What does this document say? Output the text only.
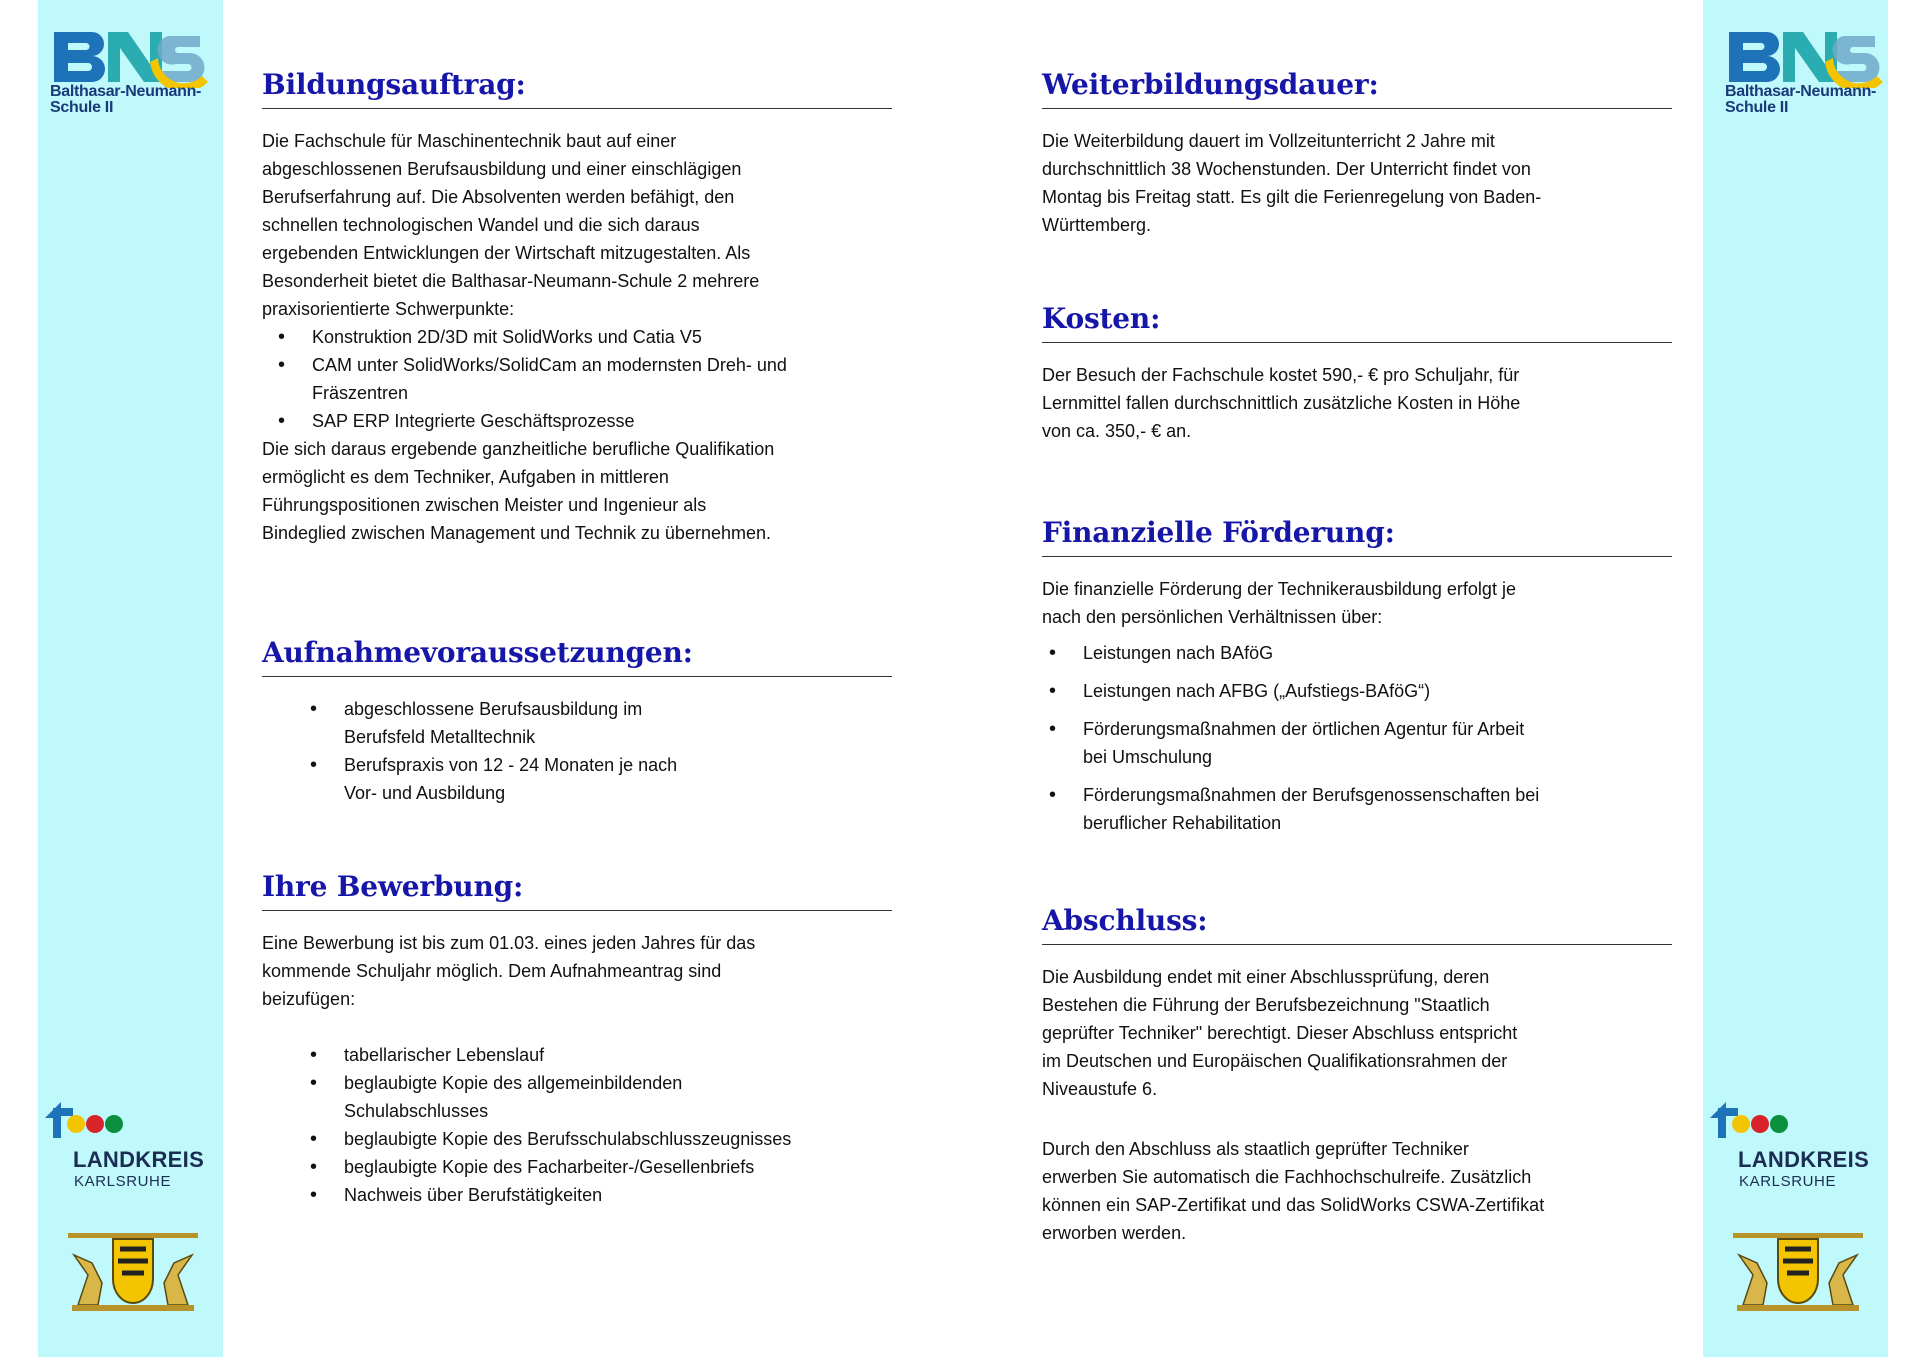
Balthasar-Neumann-
Schule II
LANDKREIS
KARLSRUHE
Balthasar-Neumann-
Schule II
LANDKREIS
KARLSRUHE
Bildungsauftrag:

Die Fachschule für Maschinentechnik baut auf einer

abgeschlossenen Berufsausbildung und einer einschlägigen

Berufserfahrung auf. Die Absolventen werden befähigt, den

schnellen technologischen Wandel und die sich daraus

ergebenden Entwicklungen der Wirtschaft mitzugestalten. Als

Besonderheit bietet die Balthasar-Neumann-Schule 2 mehrere

praxisorientierte Schwerpunkte:

• Konstruktion 2D/3D mit SolidWorks und Catia V5
• CAM unter SolidWorks/SolidCam an modernsten Dreh- und
Fräszentren
• SAP ERP Integrierte Geschäftsprozesse

Die sich daraus ergebende ganzheitliche berufliche Qualifikation

ermöglicht es dem Techniker, Aufgaben in mittleren

Führungspositionen zwischen Meister und Ingenieur als

Bindeglied zwischen Management und Technik zu übernehmen.

Aufnahmevoraussetzungen:
• abgeschlossene Berufsausbildung im
Berufsfeld Metalltechnik
• Berufspraxis von 12 - 24 Monaten je nach
Vor- und Ausbildung
Ihre Bewerbung:

Eine Bewerbung ist bis zum 01.03. eines jeden Jahres für das

kommende Schuljahr möglich. Dem Aufnahmeantrag sind

beizufügen:

• tabellarischer Lebenslauf
• beglaubigte Kopie des allgemeinbildenden
Schulabschlusses
• beglaubigte Kopie des Berufsschulabschlusszeugnisses
• beglaubigte Kopie des Facharbeiter-/Gesellenbriefs
• Nachweis über Berufstätigkeiten
Weiterbildungsdauer:

Die Weiterbildung dauert im Vollzeitunterricht 2 Jahre mit

durchschnittlich 38 Wochenstunden. Der Unterricht findet von

Montag bis Freitag statt. Es gilt die Ferienregelung von Baden-

Württemberg.

Kosten:

Der Besuch der Fachschule kostet 590,- € pro Schuljahr, für

Lernmittel fallen durchschnittlich zusätzliche Kosten in Höhe

von ca. 350,- € an.

Finanzielle Förderung:

Die finanzielle Förderung der Technikerausbildung erfolgt je

nach den persönlichen Verhältnissen über:

• Leistungen nach BAföG
• Leistungen nach AFBG („Aufstiegs-BAföG“)
• Förderungsmaßnahmen der örtlichen Agentur für Arbeit
bei Umschulung
• Förderungsmaßnahmen der Berufsgenossenschaften bei
beruflicher Rehabilitation
Abschluss:

Die Ausbildung endet mit einer Abschlussprüfung, deren

Bestehen die Führung der Berufsbezeichnung "Staatlich

geprüfter Techniker" berechtigt. Dieser Abschluss entspricht

im Deutschen und Europäischen Qualifikationsrahmen der

Niveaustufe 6.

Durch den Abschluss als staatlich geprüfter Techniker

erwerben Sie automatisch die Fachhochschulreife. Zusätzlich

können ein SAP-Zertifikat und das SolidWorks CSWA-Zertifikat

erworben werden.
